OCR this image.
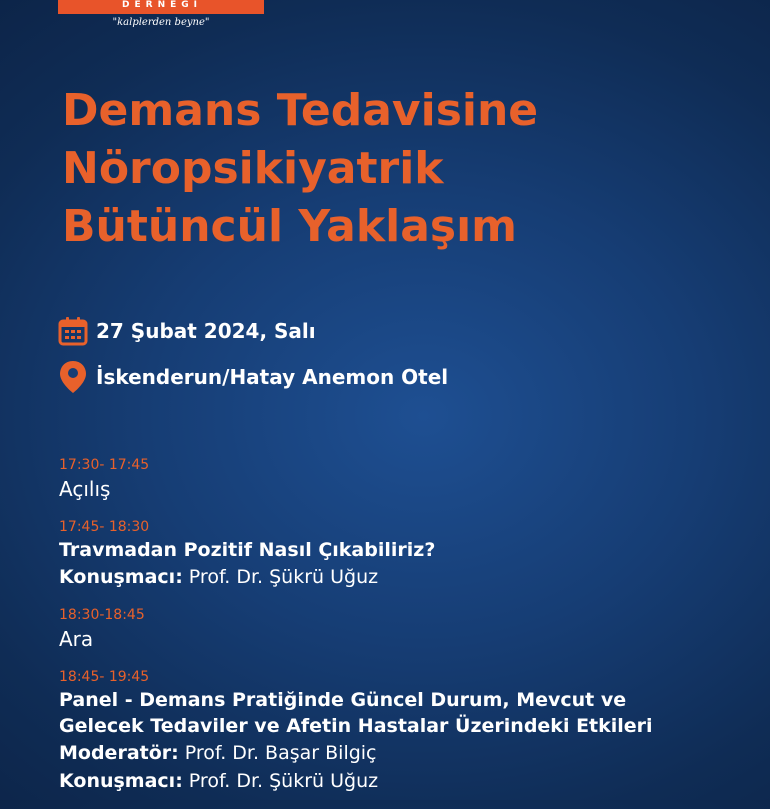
DERNEĞİ
"kalplerden beyne"
Demans Tedavisine
Nöropsikiyatrik
Bütüncül Yaklaşım
27 Şubat 2024, Salı
İskenderun/Hatay Anemon Otel
17:30- 17:45
Açılış
17:45- 18:30
Travmadan Pozitif Nasıl Çıkabiliriz?
Konuşmacı: Prof. Dr. Şükrü Uğuz
18:30-18:45
Ara
18:45- 19:45
Panel - Demans Pratiğinde Güncel Durum, Mevcut ve
Gelecek Tedaviler ve Afetin Hastalar Üzerindeki Etkileri
Moderatör: Prof. Dr. Başar Bilgiç
Konuşmacı: Prof. Dr. Şükrü Uğuz
